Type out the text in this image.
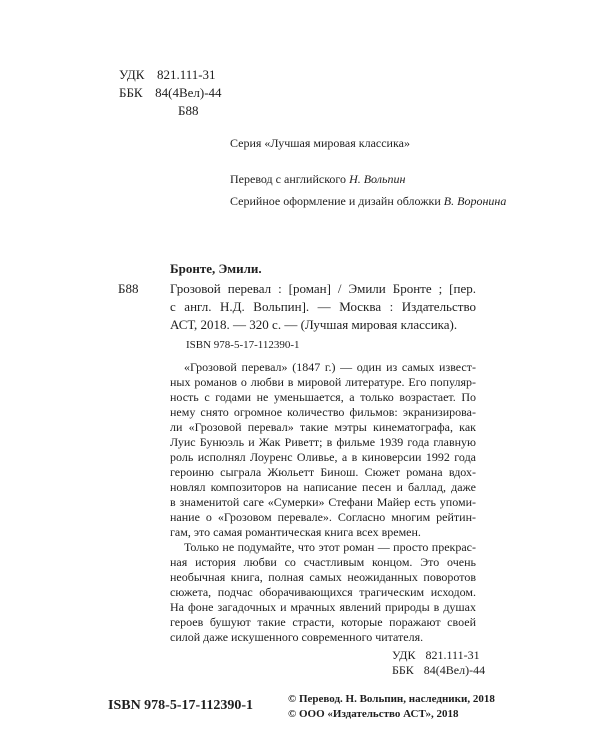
УДК 821.111-31
ББК 84(4Вел)-44
Б88
Серия «Лучшая мировая классика»
Перевод с английского Н. Вольпин
Серийное оформление и дизайн обложки В. Воронина
Бронте, Эмили.
Б88 Грозовой перевал : [роман] / Эмили Бронте ; [пер.
с англ. Н.Д. Вольпин]. — Москва : Издательство
АСТ, 2018. — 320 с. — (Лучшая мировая классика).
ISBN 978-5-17-112390-1
«Грозовой перевал» (1847 г.) — один из самых извест-
ных романов о любви в мировой литературе. Его популяр-
ность с годами не уменьшается, а только возрастает. По
нему снято огромное количество фильмов: экранизирова-
ли «Грозовой перевал» такие мэтры кинематографа, как
Луис Бунюэль и Жак Риветт; в фильме 1939 года главную
роль исполнял Лоуренс Оливье, а в киноверсии 1992 года
героиню сыграла Жюльетт Бинош. Сюжет романа вдох-
новлял композиторов на написание песен и баллад, даже
в знаменитой саге «Сумерки» Стефани Майер есть упоми-
нание о «Грозовом перевале». Согласно многим рейтин-
гам, это самая романтическая книга всех времен.
Только не подумайте, что этот роман — просто прекрас-
ная история любви со счастливым концом. Это очень
необычная книга, полная самых неожиданных поворотов
сюжета, подчас оборачивающихся трагическим исходом.
На фоне загадочных и мрачных явлений природы в душах
героев бушуют такие страсти, которые поражают своей
силой даже искушенного современного читателя.
УДК 821.111-31
ББК 84(4Вел)-44
ISBN 978-5-17-112390-1	© Перевод. Н. Вольпин, наследники, 2018
© ООО «Издательство АСТ», 2018
